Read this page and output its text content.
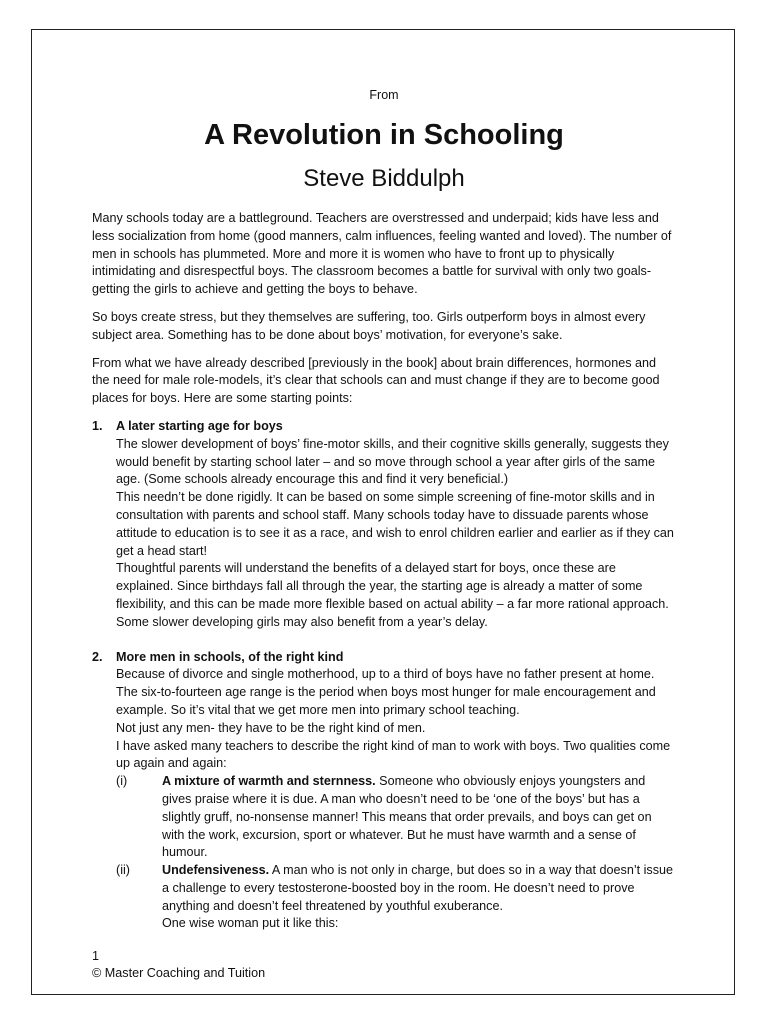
From

A Revolution in Schooling
Steve Biddulph

Many schools today are a battleground. Teachers are overstressed and underpaid; kids have less and less socialization from home (good manners, calm influences, feeling wanted and loved). The number of men in schools has plummeted. More and more it is women who have to front up to physically intimidating and disrespectful boys. The classroom becomes a battle for survival with only two goals- getting the girls to achieve and getting the boys to behave.

So boys create stress, but they themselves are suffering, too. Girls outperform boys in almost every subject area. Something has to be done about boys’ motivation, for everyone’s sake.

From what we have already described [previously in the book] about brain differences, hormones and the need for male role-models, it’s clear that schools can and must change if they are to become good places for boys. Here are some starting points:

1. A later starting age for boys

The slower development of boys’ fine-motor skills, and their cognitive skills generally, suggests they would benefit by starting school later – and so move through school a year after girls of the same age. (Some schools already encourage this and find it very beneficial.)

This needn’t be done rigidly. It can be based on some simple screening of fine-motor skills and in consultation with parents and school staff. Many schools today have to dissuade parents whose attitude to education is to see it as a race, and wish to enrol children earlier and earlier as if they can get a head start!

Thoughtful parents will understand the benefits of a delayed start for boys, once these are explained. Since birthdays fall all through the year, the starting age is already a matter of some flexibility, and this can be made more flexible based on actual ability – a far more rational approach. Some slower developing girls may also benefit from a year’s delay.

2. More men in schools, of the right kind

Because of divorce and single motherhood, up to a third of boys have no father present at home. The six-to-fourteen age range is the period when boys most hunger for male encouragement and example. So it’s vital that we get more men into primary school teaching.

Not just any men- they have to be the right kind of men.

I have asked many teachers to describe the right kind of man to work with boys. Two qualities come up again and again:

(i)	A mixture of warmth and sternness. Someone who obviously enjoys youngsters and gives praise where it is due. A man who doesn’t need to be ‘one of the boys’ but has a slightly gruff, no-nonsense manner! This means that order prevails, and boys can get on with the work, excursion, sport or whatever. But he must have warmth and a sense of humour.

(ii)	Undefensiveness. A man who is not only in charge, but does so in a way that doesn’t issue a challenge to every testosterone-boosted boy in the room. He doesn’t need to prove anything and doesn’t feel threatened by youthful exuberance.
One wise woman put it like this:

1
© Master Coaching and Tuition
